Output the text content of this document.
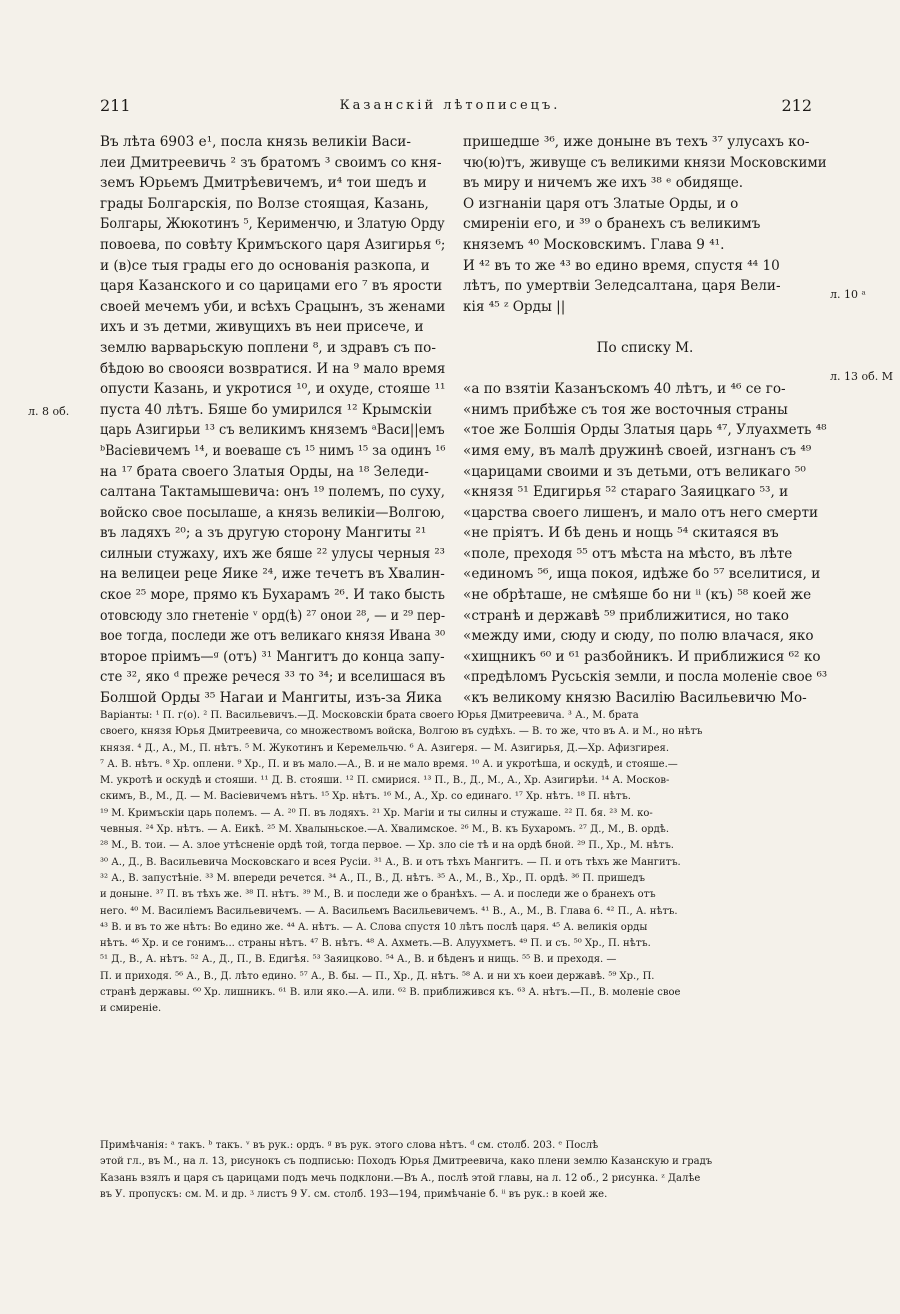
211	Казанскій лѣтописецъ.	212
Въ лѣта 6903 е¹, посла князь великіи Васи-
леи Дмитреевичь ² зъ братомъ ³ своимъ со кня-
земъ Юрьемъ Дмитрѣевичемъ, и⁴ тои шедъ и
грады Болгарскія, по Волзе стоящая, Казань,
Болгары, Жюкотинъ ⁵, Керименчю, и Златую Орду
повоева, по совѣту Кримъского царя Азигирья ⁶;
и (в)се тыя грады его до основанія разкопа, и
царя Казанского и со царицами его ⁷ въ ярости
своей мечемъ уби, и всѣхъ Срацынъ, зъ женами
ихъ и зъ детми, живущихъ въ неи присече, и
землю варварьскую поплени ⁸, и здравъ съ по-
бѣдою во своояси возвратися. И на ⁹ мало время
опусти Казань, и укротися ¹⁰, и охуде, стояше ¹¹
пуста 40 лѣтъ. Бяше бо умирился ¹² Крымскіи
царь Азигирьи ¹³ съ великимъ княземъ ᵃВаси||емъ
ᵇВасіевичемъ ¹⁴, и воеваше съ ¹⁵ нимъ ¹⁵ за одинъ ¹⁶
на ¹⁷ брата своего Златыя Орды, на ¹⁸ Зеледи-
салтана Тактамышевича: онъ ¹⁹ полемъ, по суху,
войско свое посылаше, а князь великіи—Волгою,
въ ладяхъ ²⁰; а зъ другую сторону Мангиты ²¹
силныи стужаху, ихъ же бяше ²² улусы черныя ²³
на велицеи рецe Яике ²⁴, иже течетъ въ Хвалин-
ское ²⁵ море, прямо къ Бухарамъ ²⁶. И тако бысть
отовсюду зло гнетеніе ᵛ орд(ѣ) ²⁷ онои ²⁸, — и ²⁹ пер-
вое тогда, последи же отъ великаго князя Ивана ³⁰
второе пріимъ—ᵍ (отъ) ³¹ Мангитъ до конца запу-
сте ³², яко ᵈ преже речеся ³³ то ³⁴; и вселишася въ
Болшой Орды ³⁵ Нагаи и Мангиты, изъ-за Яика
пришедше ³⁶, иже доныне въ техъ ³⁷ улусахъ ко-
чю(ю)тъ, живуще съ великими князи Московскими
въ миру и ничемъ же ихъ ³⁸ ᵉ обидяще.
О изгнаніи царя отъ Златые Орды, и о
смиреніи его, и ³⁹ о бранехъ съ великимъ
княземъ ⁴⁰ Московскимъ. Глава 9 ⁴¹.
И ⁴² въ то же ⁴³ во едино время, спустя ⁴⁴ 10
лѣтъ, по умертвіи Зеледсалтана, царя Вели-
кія ⁴⁵ ᶻ Орды ||

По списку М.

«а по взятіи Казанъскомъ 40 лѣтъ, и ⁴⁶ се го-
«нимъ прибѣже съ тоя же восточныя страны
«тое же Болшія Орды Златыя царь ⁴⁷, Улуахметь ⁴⁸
«имя ему, въ малѣ дружинѣ своей, изгнанъ съ ⁴⁹
«царицами своими и зъ детьми, отъ великаго ⁵⁰
«князя ⁵¹ Едигирья ⁵² стараго Заяицкаго ⁵³, и
«царства своего лишенъ, и мало отъ него смерти
«не пріятъ. И бѣ день и нощь ⁵⁴ скитаяся въ
«поле, преходя ⁵⁵ отъ мѣста на мѣсто, въ лѣте
«единомъ ⁵⁶, ища покоя, идѣже бо ⁵⁷ вселитися, и
«не обрѣташе, не смѣяше бо ни ⁱⁱ (къ) ⁵⁸ коей же
«странѣ и державѣ ⁵⁹ приближитися, но тако
«между ими, сюду и сюду, по полю влачася, яко
«хищникъ ⁶⁰ и ⁶¹ разбойникъ. И приближися ⁶² ко
«предѣломъ Русьскія земли, и посла моленіе свое ⁶³
«къ великому князю Василію Васильевичю Мо-
л. 8 об.
л. 10 ᵃ
л. 13 об. М
Варіанты: ¹ П. г(о). ² П. Васильевичъ.—Д. Московскіи брата своего Юрья Дмитреевича. ³ А., М. брата
своего, князя Юрья Дмитреевича, со множествомъ войска, Волгою въ судѣхъ. — В. то же, что въ А. и М., но нѣтъ
князя. ⁴ Д., А., М., П. нѣтъ. ⁵ М. Жукотинъ и Керемельчю. ⁶ А. Азигеря. — М. Азигирья, Д.—Хр. Афизгирея.
⁷ А. В. нѣтъ. ⁸ Хр. оплени. ⁹ Хр., П. и въ мало.—А., В. и не мало время. ¹⁰ А. и укротѣша, и оскудѣ, и стояше.—
М. укротѣ и оскудѣ и стояши. ¹¹ Д. В. стояши. ¹² П. смирися. ¹³ П., В., Д., М., А., Хр. Азигирѣи. ¹⁴ А. Москов-
скимъ, В., М., Д. — М. Васіевичемъ нѣтъ. ¹⁵ Хр. нѣтъ. ¹⁶ М., А., Хр. со единаго. ¹⁷ Хр. нѣтъ. ¹⁸ П. нѣтъ.
¹⁹ М. Кримъскіи царь полемъ. — А. ²⁰ П. въ лодяхъ. ²¹ Хр. Магіи и ты силны и стужаше. ²² П. бя. ²³ М. ко-
чевныя. ²⁴ Хр. нѣтъ. — А. Еикѣ. ²⁵ М. Хвалыньское.—А. Хвалимское. ²⁶ М., В. къ Бухаромъ. ²⁷ Д., М., В. ордѣ.
²⁸ М., В. тои. — А. злое утѣсненіе ордѣ той, тогда первое. — Хр. зло сіе тѣ и на ордѣ бной. ²⁹ П., Хр., М. нѣтъ.
³⁰ А., Д., В. Васильевича Московскаго и всея Русіи. ³¹ А., В. и отъ тѣхъ Мангитъ. — П. и отъ тѣхъ же Мангитъ.
³² А., В. запустѣніе. ³³ М. впереди речется. ³⁴ А., П., В., Д. нѣтъ. ³⁵ А., М., В., Хр., П. ордѣ. ³⁶ П. пришедъ
и доныне. ³⁷ П. въ тѣхъ же. ³⁸ П. нѣтъ. ³⁹ М., В. и последи же о бранѣхъ. — А. и последи же о бранехъ отъ
него. ⁴⁰ М. Василіемъ Васильевичемъ. — А. Васильемъ Васильевичемъ. ⁴¹ В., А., М., В. Глава 6. ⁴² П., А. нѣтъ.
⁴³ В. и въ то же нѣтъ: Во едино же. ⁴⁴ А. нѣтъ. — А. Слова спустя 10 лѣтъ послѣ царя. ⁴⁵ А. великія орды
нѣтъ. ⁴⁶ Хр. и се гонимъ... страны нѣтъ. ⁴⁷ В. нѣтъ. ⁴⁸ А. Ахметь.—В. Алуухметъ. ⁴⁹ П. и съ. ⁵⁰ Хр., П. нѣтъ.
⁵¹ Д., В., А. нѣтъ. ⁵² А., Д., П., В. Едигѣя. ⁵³ Заяицково. ⁵⁴ А., В. и бѣденъ и нищь. ⁵⁵ В. и преходя. —
П. и приходя. ⁵⁶ А., В., Д. лѣто едино. ⁵⁷ А., В. бы. — П., Хр., Д. нѣтъ. ⁵⁸ А. и ни хъ коеи державѣ. ⁵⁹ Хр., П.
странѣ державы. ⁶⁰ Хр. лишникъ. ⁶¹ В. или яко.—А. или. ⁶² В. приближився къ. ⁶³ А. нѣтъ.—П., В. моленіе свое
и смиреніе.
Примѣчанія: ᵃ такъ. ᵇ такъ. ᵛ въ рук.: ордъ. ᵍ въ рук. этого слова нѣтъ. ᵈ см. столб. 203. ᵉ Послѣ
этой гл., въ М., на л. 13, рисунокъ съ подписью: Походъ Юрья Дмитреевича, како плени землю Казанскую и градъ
Казань взялъ и царя съ царицами подъ мечь подклони.—Въ А., послѣ этой главы, на л. 12 об., 2 рисунка. ᶻ Далѣе
въ У. пропускъ: см. М. и др. ᶾ листъ 9 У. см. столб. 193—194, примѣчаніе б. ⁱⁱ въ рук.: в коей же.
